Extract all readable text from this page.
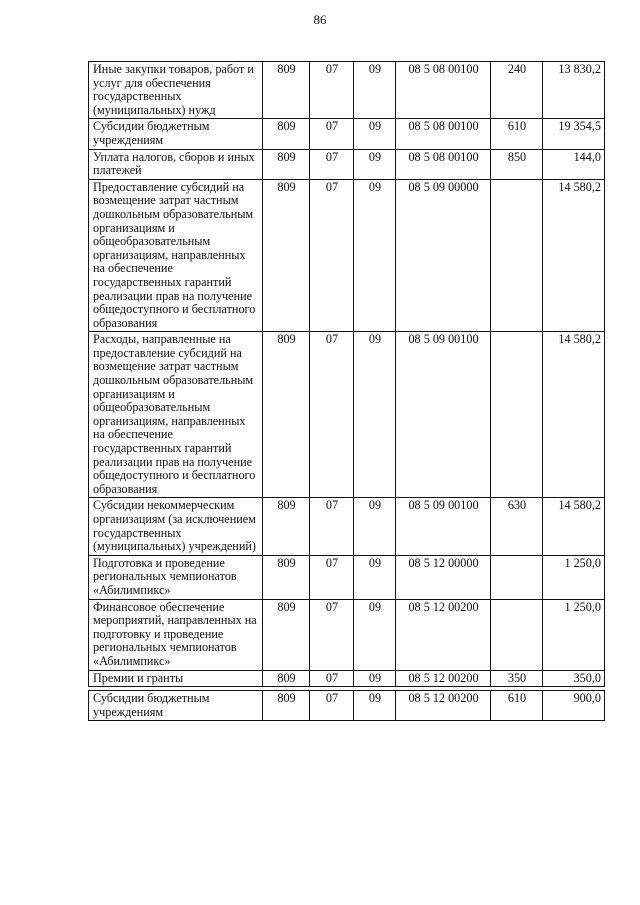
86
Иные закупки товаров, работ и услуг для обеспечения государственных (муниципальных) нужд	809	07	09	08 5 08 00100	240	13 830,2
Субсидии бюджетным учреждениям	809	07	09	08 5 08 00100	610	19 354,5
Уплата налогов, сборов и иных платежей	809	07	09	08 5 08 00100	850	144,0
Предоставление субсидий на возмещение затрат частным дошкольным образовательным организациям и общеобразовательным организациям, направленных на обеспечение государственных гарантий реализации прав на получение общедоступного и бесплатного образования	809	07	09	08 5 09 00000		14 580,2
Расходы, направленные на предоставление субсидий на возмещение затрат частным дошкольным образовательным организациям и общеобразовательным организациям, направленных на обеспечение государственных гарантий реализации прав на получение общедоступного и бесплатного образования	809	07	09	08 5 09 00100		14 580,2
Субсидии некоммерческим организациям (за исключением государственных (муниципальных) учреждений)	809	07	09	08 5 09 00100	630	14 580,2
Подготовка и проведение региональных чемпионатов «Абилимпикс»	809	07	09	08 5 12 00000		1 250,0
Финансовое обеспечение мероприятий, направленных на подготовку и проведение региональных чемпионатов «Абилимпикс»	809	07	09	08 5 12 00200		1 250,0
Премии и гранты	809	07	09	08 5 12 00200	350	350,0

Субсидии бюджетным учреждениям	809	07	09	08 5 12 00200	610	900,0
